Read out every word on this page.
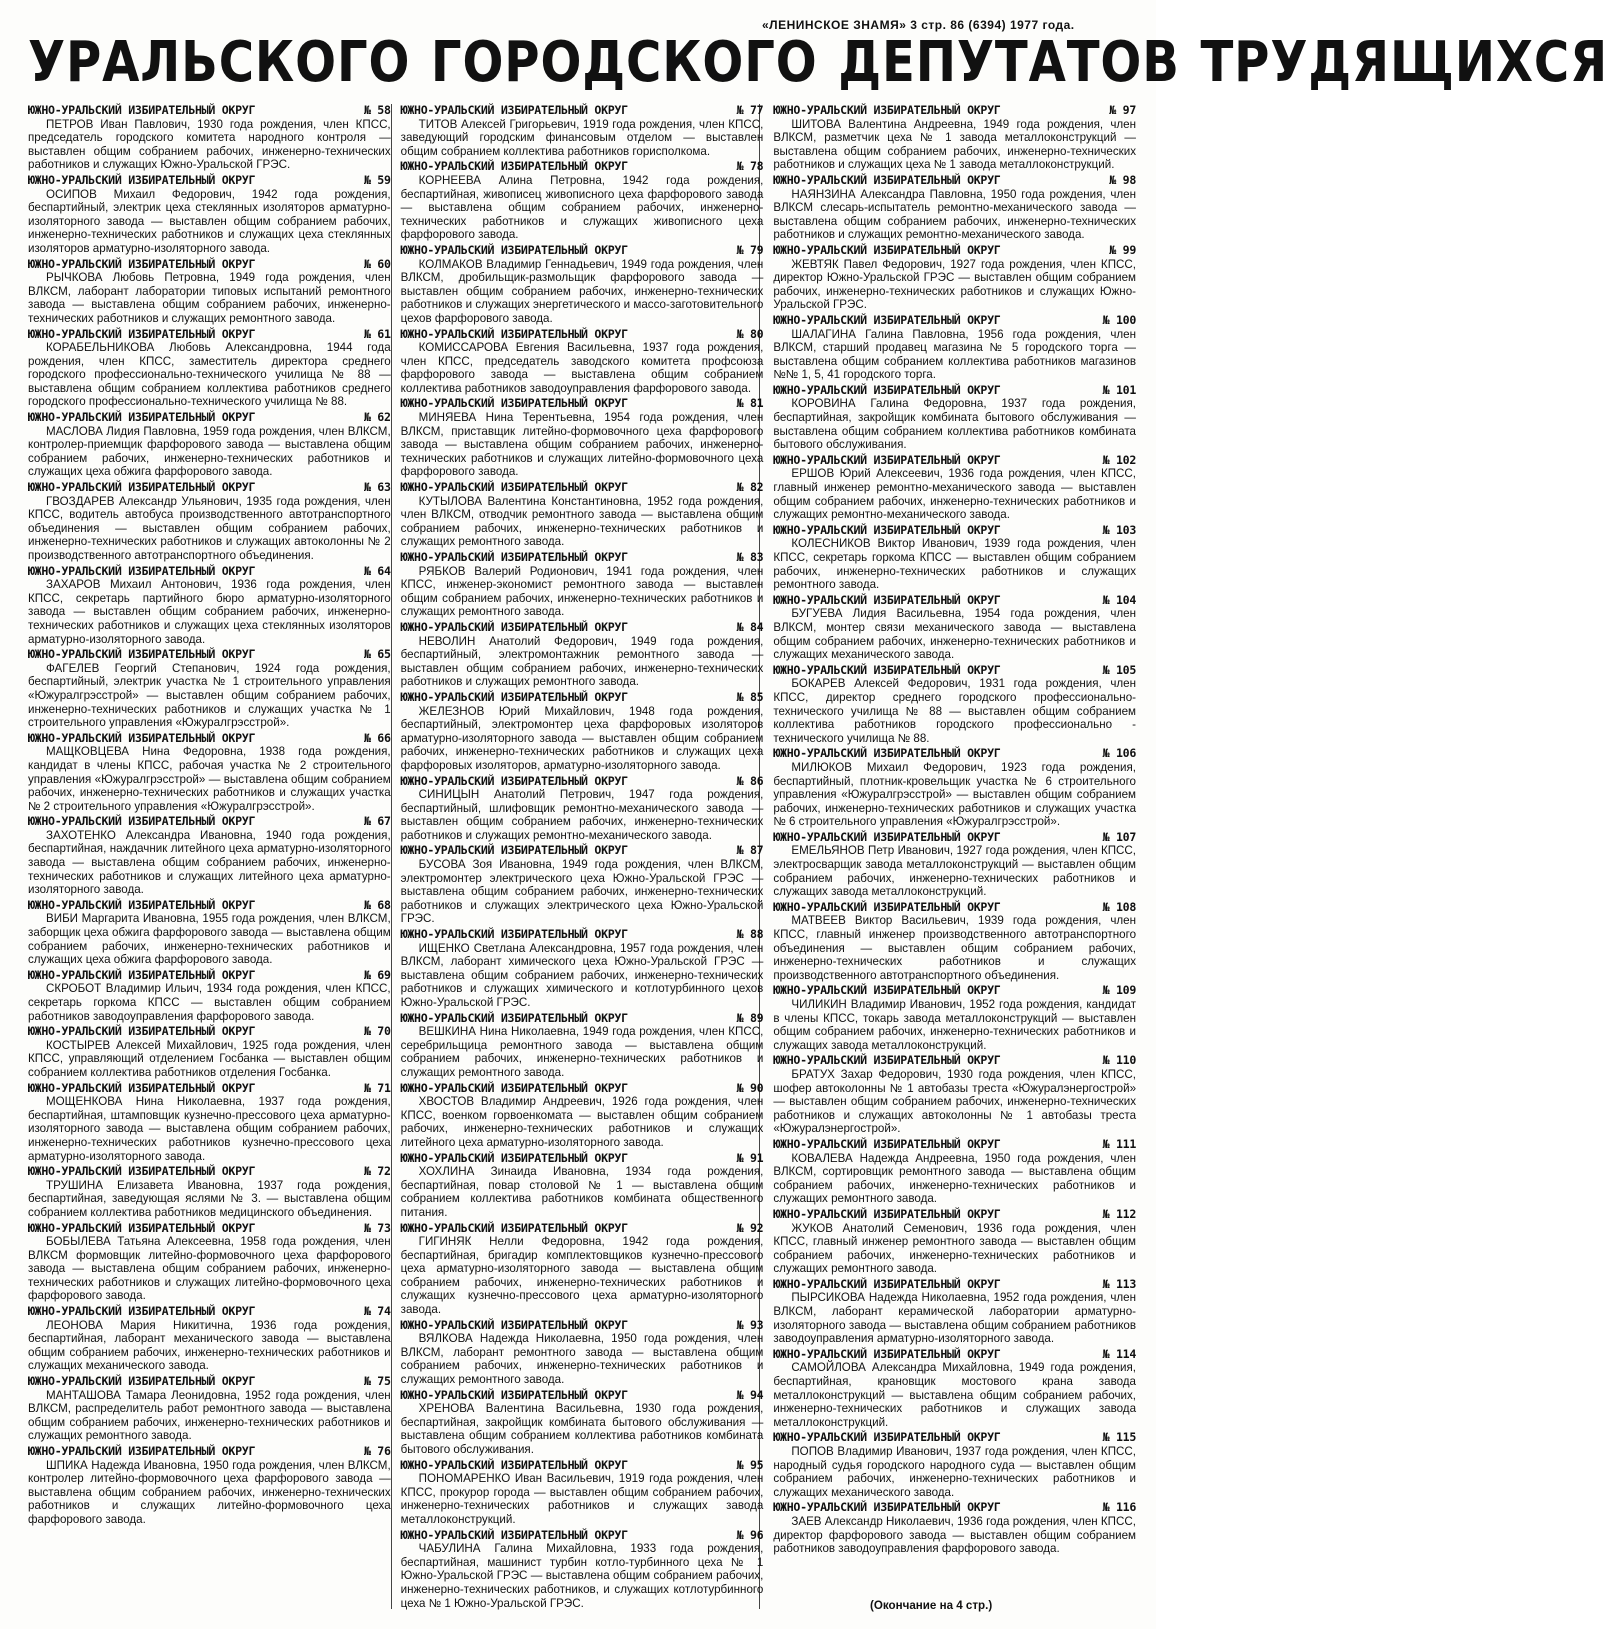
«ЛЕНИНСКОЕ ЗНАМЯ» 3 стр. 86 (6394) 1977 года.
УРАЛЬСКОГО ГОРОДСКОГО ДЕПУТАТОВ ТРУДЯЩИХСЯ
ЮЖНО-УРАЛЬСКИЙ ИЗБИРАТЕЛЬНЫЙ ОКРУГ	№ 58
ПЕТРОВ Иван Павлович, 1930 года рождения, член КПСС, председатель городского комитета народного контроля — выставлен общим собранием рабочих, инженерно-технических работников и служащих Южно-Уральской ГРЭС.
ЮЖНО-УРАЛЬСКИЙ ИЗБИРАТЕЛЬНЫЙ ОКРУГ	№ 59
ОСИПОВ Михаил Федорович, 1942 года рождения, беспартийный, электрик цеха стеклянных изоляторов арматурно-изоляторного завода — выставлен общим собранием рабочих, инженерно-технических работников и служащих цеха стеклянных изоляторов арматурно-изоляторного завода.
ЮЖНО-УРАЛЬСКИЙ ИЗБИРАТЕЛЬНЫЙ ОКРУГ	№ 60
РЫЧКОВА Любовь Петровна, 1949 года рождения, член ВЛКСМ, лаборант лаборатории типовых испытаний ремонтного завода — выставлена общим собранием рабочих, инженерно-технических работников и служащих ремонтного завода.
ЮЖНО-УРАЛЬСКИЙ ИЗБИРАТЕЛЬНЫЙ ОКРУГ	№ 61
КОРАБЕЛЬНИКОВА Любовь Александровна, 1944 года рождения, член КПСС, заместитель директора среднего городского профессионально-технического училища № 88 — выставлена общим собранием коллектива работников среднего городского профессионально-технического училища № 88.
ЮЖНО-УРАЛЬСКИЙ ИЗБИРАТЕЛЬНЫЙ ОКРУГ	№ 62
МАСЛОВА Лидия Павловна, 1959 года рождения, член ВЛКСМ, контролер-приемщик фарфорового завода — выставлена общим собранием рабочих, инженерно-технических работников и служащих цеха обжига фарфорового завода.
ЮЖНО-УРАЛЬСКИЙ ИЗБИРАТЕЛЬНЫЙ ОКРУГ	№ 63
ГВОЗДАРЕВ Александр Ульянович, 1935 года рождения, член КПСС, водитель автобуса производственного автотранспортного объединения — выставлен общим собранием рабочих, инженерно-технических работников и служащих автоколонны № 2 производственного автотранспортного объединения.
ЮЖНО-УРАЛЬСКИЙ ИЗБИРАТЕЛЬНЫЙ ОКРУГ	№ 64
ЗАХАРОВ Михаил Антонович, 1936 года рождения, член КПСС, секретарь партийного бюро арматурно-изоляторного завода — выставлен общим собранием рабочих, инженерно-технических работников и служащих цеха стеклянных изоляторов арматурно-изоляторного завода.
ЮЖНО-УРАЛЬСКИЙ ИЗБИРАТЕЛЬНЫЙ ОКРУГ	№ 65
ФАГЕЛЕВ Георгий Степанович, 1924 года рождения, беспартийный, электрик участка № 1 строительного управления «Южуралгрэсстрой» — выставлен общим собранием рабочих, инженерно-технических работников и служащих участка № 1 строительного управления «Южуралгрэсстрой».
ЮЖНО-УРАЛЬСКИЙ ИЗБИРАТЕЛЬНЫЙ ОКРУГ	№ 66
МАЩКОВЦЕВА Нина Федоровна, 1938 года рождения, кандидат в члены КПСС, рабочая участка № 2 строительного управления «Южуралгрэсстрой» — выставлена общим собранием рабочих, инженерно-технических работников и служащих участка № 2 строительного управления «Южуралгрэсстрой».
ЮЖНО-УРАЛЬСКИЙ ИЗБИРАТЕЛЬНЫЙ ОКРУГ	№ 67
ЗАХОТЕНКО Александра Ивановна, 1940 года рождения, беспартийная, наждачник литейного цеха арматурно-изоляторного завода — выставлена общим собранием рабочих, инженерно-технических работников и служащих литейного цеха арматурно-изоляторного завода.
ЮЖНО-УРАЛЬСКИЙ ИЗБИРАТЕЛЬНЫЙ ОКРУГ	№ 68
ВИБИ Маргарита Ивановна, 1955 года рождения, член ВЛКСМ, заборщик цеха обжига фарфорового завода — выставлена общим собранием рабочих, инженерно-технических работников и служащих цеха обжига фарфорового завода.
ЮЖНО-УРАЛЬСКИЙ ИЗБИРАТЕЛЬНЫЙ ОКРУГ	№ 69
СКРОБОТ Владимир Ильич, 1934 года рождения, член КПСС, секретарь горкома КПСС — выставлен общим собранием работников заводоуправления фарфорового завода.
ЮЖНО-УРАЛЬСКИЙ ИЗБИРАТЕЛЬНЫЙ ОКРУГ	№ 70
КОСТЫРЕВ Алексей Михайлович, 1925 года рождения, член КПСС, управляющий отделением Госбанка — выставлен общим собранием коллектива работников отделения Госбанка.
ЮЖНО-УРАЛЬСКИЙ ИЗБИРАТЕЛЬНЫЙ ОКРУГ	№ 71
МОЩЕНКОВА Нина Николаевна, 1937 года рождения, беспартийная, штамповщик кузнечно-прессового цеха арматурно-изоляторного завода — выставлена общим собранием рабочих, инженерно-технических работников кузнечно-прессового цеха арматурно-изоляторного завода.
ЮЖНО-УРАЛЬСКИЙ ИЗБИРАТЕЛЬНЫЙ ОКРУГ	№ 72
ТРУШИНА Елизавета Ивановна, 1937 года рождения, беспартийная, заведующая яслями № 3. — выставлена общим собранием коллектива работников медицинского объединения.
ЮЖНО-УРАЛЬСКИЙ ИЗБИРАТЕЛЬНЫЙ ОКРУГ	№ 73
БОБЫЛЕВА Татьяна Алексеевна, 1958 года рождения, член ВЛКСМ формовщик литейно-формовочного цеха фарфорового завода — выставлена общим собранием рабочих, инженерно-технических работников и служащих литейно-формовочного цеха фарфорового завода.
ЮЖНО-УРАЛЬСКИЙ ИЗБИРАТЕЛЬНЫЙ ОКРУГ	№ 74
ЛЕОНОВА Мария Никитична, 1936 года рождения, беспартийная, лаборант механического завода — выставлена общим собранием рабочих, инженерно-технических работников и служащих механического завода.
ЮЖНО-УРАЛЬСКИЙ ИЗБИРАТЕЛЬНЫЙ ОКРУГ	№ 75
МАНТАШОВА Тамара Леонидовна, 1952 года рождения, член ВЛКСМ, распределитель работ ремонтного завода — выставлена общим собранием рабочих, инженерно-технических работников и служащих ремонтного завода.
ЮЖНО-УРАЛЬСКИЙ ИЗБИРАТЕЛЬНЫЙ ОКРУГ	№ 76
ШПИКА Надежда Ивановна, 1950 года рождения, член ВЛКСМ, контролер литейно-формовочного цеха фарфорового завода — выставлена общим собранием рабочих, инженерно-технических работников и служащих литейно-формовочного цеха фарфорового завода.
ЮЖНО-УРАЛЬСКИЙ ИЗБИРАТЕЛЬНЫЙ ОКРУГ	№ 77
ТИТОВ Алексей Григорьевич, 1919 года рождения, член КПСС, заведующий городским финансовым отделом — выставлен общим собранием коллектива работников горисполкома.
ЮЖНО-УРАЛЬСКИЙ ИЗБИРАТЕЛЬНЫЙ ОКРУГ	№ 78
КОРНЕЕВА Алина Петровна, 1942 года рождения, беспартийная, живописец живописного цеха фарфорового завода — выставлена общим собранием рабочих, инженерно-технических работников и служащих живописного цеха фарфорового завода.
ЮЖНО-УРАЛЬСКИЙ ИЗБИРАТЕЛЬНЫЙ ОКРУГ	№ 79
КОЛМАКОВ Владимир Геннадьевич, 1949 года рождения, член ВЛКСМ, дробильщик-размольщик фарфорового завода — выставлен общим собранием рабочих, инженерно-технических работников и служащих энергетического и массо-заготовительного цехов фарфорового завода.
ЮЖНО-УРАЛЬСКИЙ ИЗБИРАТЕЛЬНЫЙ ОКРУГ	№ 80
КОМИССАРОВА Евгения Васильевна, 1937 года рождения, член КПСС, председатель заводского комитета профсоюза фарфорового завода — выставлена общим собранием коллектива работников заводоуправления фарфорового завода.
ЮЖНО-УРАЛЬСКИЙ ИЗБИРАТЕЛЬНЫЙ ОКРУГ	№ 81
МИНЯЕВА Нина Терентьевна, 1954 года рождения, член ВЛКСМ, приставщик литейно-формовочного цеха фарфорового завода — выставлена общим собранием рабочих, инженерно-технических работников и служащих литейно-формовочного цеха фарфорового завода.
ЮЖНО-УРАЛЬСКИЙ ИЗБИРАТЕЛЬНЫЙ ОКРУГ	№ 82
КУТЫЛОВА Валентина Константиновна, 1952 года рождения, член ВЛКСМ, отводчик ремонтного завода — выставлена общим собранием рабочих, инженерно-технических работников и служащих ремонтного завода.
ЮЖНО-УРАЛЬСКИЙ ИЗБИРАТЕЛЬНЫЙ ОКРУГ	№ 83
РЯБКОВ Валерий Родионович, 1941 года рождения, член КПСС, инженер-экономист ремонтного завода — выставлен общим собранием рабочих, инженерно-технических работников и служащих ремонтного завода.
ЮЖНО-УРАЛЬСКИЙ ИЗБИРАТЕЛЬНЫЙ ОКРУГ	№ 84
НЕВОЛИН Анатолий Федорович, 1949 года рождения, беспартийный, электромонтажник ремонтного завода — выставлен общим собранием рабочих, инженерно-технических работников и служащих ремонтного завода.
ЮЖНО-УРАЛЬСКИЙ ИЗБИРАТЕЛЬНЫЙ ОКРУГ	№ 85
ЖЕЛЕЗНОВ Юрий Михайлович, 1948 года рождения, беспартийный, электромонтер цеха фарфоровых изоляторов арматурно-изоляторного завода — выставлен общим собранием рабочих, инженерно-технических работников и служащих цеха фарфоровых изоляторов, арматурно-изоляторного завода.
ЮЖНО-УРАЛЬСКИЙ ИЗБИРАТЕЛЬНЫЙ ОКРУГ	№ 86
СИНИЦЫН Анатолий Петрович, 1947 года рождения, беспартийный, шлифовщик ремонтно-механического завода — выставлен общим собранием рабочих, инженерно-технических работников и служащих ремонтно-механического завода.
ЮЖНО-УРАЛЬСКИЙ ИЗБИРАТЕЛЬНЫЙ ОКРУГ	№ 87
БУСОВА Зоя Ивановна, 1949 года рождения, член ВЛКСМ, электромонтер электрического цеха Южно-Уральской ГРЭС — выставлена общим собранием рабочих, инженерно-технических работников и служащих электрического цеха Южно-Уральской ГРЭС.
ЮЖНО-УРАЛЬСКИЙ ИЗБИРАТЕЛЬНЫЙ ОКРУГ	№ 88
ИЩЕНКО Светлана Александровна, 1957 года рождения, член ВЛКСМ, лаборант химического цеха Южно-Уральской ГРЭС — выставлена общим собранием рабочих, инженерно-технических работников и служащих химического и котлотурбинного цехов Южно-Уральской ГРЭС.
ЮЖНО-УРАЛЬСКИЙ ИЗБИРАТЕЛЬНЫЙ ОКРУГ	№ 89
ВЕШКИНА Нина Николаевна, 1949 года рождения, член КПСС, серебрильщица ремонтного завода — выставлена общим собранием рабочих, инженерно-технических работников и служащих ремонтного завода.
ЮЖНО-УРАЛЬСКИЙ ИЗБИРАТЕЛЬНЫЙ ОКРУГ	№ 90
ХВОСТОВ Владимир Андреевич, 1926 года рождения, член КПСС, военком горвоенкомата — выставлен общим собранием рабочих, инженерно-технических работников и служащих литейного цеха арматурно-изоляторного завода.
ЮЖНО-УРАЛЬСКИЙ ИЗБИРАТЕЛЬНЫЙ ОКРУГ	№ 91
ХОХЛИНА Зинаида Ивановна, 1934 года рождения, беспартийная, повар столовой № 1 — выставлена общим собранием коллектива работников комбината общественного питания.
ЮЖНО-УРАЛЬСКИЙ ИЗБИРАТЕЛЬНЫЙ ОКРУГ	№ 92
ГИГИНЯК Нелли Федоровна, 1942 года рождения, беспартийная, бригадир комплектовщиков кузнечно-прессового цеха арматурно-изоляторного завода — выставлена общим собранием рабочих, инженерно-технических работников и служащих кузнечно-прессового цеха арматурно-изоляторного завода.
ЮЖНО-УРАЛЬСКИЙ ИЗБИРАТЕЛЬНЫЙ ОКРУГ	№ 93
ВЯЛКОВА Надежда Николаевна, 1950 года рождения, член ВЛКСМ, лаборант ремонтного завода — выставлена общим собранием рабочих, инженерно-технических работников и служащих ремонтного завода.
ЮЖНО-УРАЛЬСКИЙ ИЗБИРАТЕЛЬНЫЙ ОКРУГ	№ 94
ХРЕНОВА Валентина Васильевна, 1930 года рождения, беспартийная, закройщик комбината бытового обслуживания — выставлена общим собранием коллектива работников комбината бытового обслуживания.
ЮЖНО-УРАЛЬСКИЙ ИЗБИРАТЕЛЬНЫЙ ОКРУГ	№ 95
ПОНОМАРЕНКО Иван Васильевич, 1919 года рождения, член КПСС, прокурор города — выставлен общим собранием рабочих, инженерно-технических работников и служащих завода металлоконструкций.
ЮЖНО-УРАЛЬСКИЙ ИЗБИРАТЕЛЬНЫЙ ОКРУГ	№ 96
ЧАБУЛИНА Галина Михайловна, 1933 года рождения, беспартийная, машинист турбин котло-турбинного цеха № 1 Южно-Уральской ГРЭС — выставлена общим собранием рабочих, инженерно-технических работников, и служащих котлотурбинного цеха № 1 Южно-Уральской ГРЭС.
ЮЖНО-УРАЛЬСКИЙ ИЗБИРАТЕЛЬНЫЙ ОКРУГ	№ 97
ШИТОВА Валентина Андреевна, 1949 года рождения, член ВЛКСМ, разметчик цеха № 1 завода металлоконструкций — выставлена общим собранием рабочих, инженерно-технических работников и служащих цеха № 1 завода металлоконструкций.
ЮЖНО-УРАЛЬСКИЙ ИЗБИРАТЕЛЬНЫЙ ОКРУГ	№ 98
НАЯНЗИНА Александра Павловна, 1950 года рождения, член ВЛКСМ слесарь-испытатель ремонтно-механического завода — выставлена общим собранием рабочих, инженерно-технических работников и служащих ремонтно-механического завода.
ЮЖНО-УРАЛЬСКИЙ ИЗБИРАТЕЛЬНЫЙ ОКРУГ	№ 99
ЖЕВТЯК Павел Федорович, 1927 года рождения, член КПСС, директор Южно-Уральской ГРЭС — выставлен общим собранием рабочих, инженерно-технических работников и служащих Южно-Уральской ГРЭС.
ЮЖНО-УРАЛЬСКИЙ ИЗБИРАТЕЛЬНЫЙ ОКРУГ	№ 100
ШАЛАГИНА Галина Павловна, 1956 года рождения, член ВЛКСМ, старший продавец магазина № 5 городского торга — выставлена общим собранием коллектива работников магазинов №№ 1, 5, 41 городского торга.
ЮЖНО-УРАЛЬСКИЙ ИЗБИРАТЕЛЬНЫЙ ОКРУГ	№ 101
КОРОВИНА Галина Федоровна, 1937 года рождения, беспартийная, закройщик комбината бытового обслуживания — выставлена общим собранием коллектива работников комбината бытового обслуживания.
ЮЖНО-УРАЛЬСКИЙ ИЗБИРАТЕЛЬНЫЙ ОКРУГ	№ 102
ЕРШОВ Юрий Алексеевич, 1936 года рождения, член КПСС, главный инженер ремонтно-механического завода — выставлен общим собранием рабочих, инженерно-технических работников и служащих ремонтно-механического завода.
ЮЖНО-УРАЛЬСКИЙ ИЗБИРАТЕЛЬНЫЙ ОКРУГ	№ 103
КОЛЕСНИКОВ Виктор Иванович, 1939 года рождения, член КПСС, секретарь горкома КПСС — выставлен общим собранием рабочих, инженерно-технических работников и служащих ремонтного завода.
ЮЖНО-УРАЛЬСКИЙ ИЗБИРАТЕЛЬНЫЙ ОКРУГ	№ 104
БУГУЕВА Лидия Васильевна, 1954 года рождения, член ВЛКСМ, монтер связи механического завода — выставлена общим собранием рабочих, инженерно-технических работников и служащих механического завода.
ЮЖНО-УРАЛЬСКИЙ ИЗБИРАТЕЛЬНЫЙ ОКРУГ	№ 105
БОКАРЕВ Алексей Федорович, 1931 года рождения, член КПСС, директор среднего городского профессионально-технического училища № 88 — выставлен общим собранием коллектива работников городского профессионально - технического училища № 88.
ЮЖНО-УРАЛЬСКИЙ ИЗБИРАТЕЛЬНЫЙ ОКРУГ	№ 106
МИЛЮКОВ Михаил Федорович, 1923 года рождения, беспартийный, плотник-кровельщик участка № 6 строительного управления «Южуралгрэсстрой» — выставлен общим собранием рабочих, инженерно-технических работников и служащих участка № 6 строительного управления «Южуралгрэсстрой».
ЮЖНО-УРАЛЬСКИЙ ИЗБИРАТЕЛЬНЫЙ ОКРУГ	№ 107
ЕМЕЛЬЯНОВ Петр Иванович, 1927 года рождения, член КПСС, электросварщик завода металлоконструкций — выставлен общим собранием рабочих, инженерно-технических работников и служащих завода металлоконструкций.
ЮЖНО-УРАЛЬСКИЙ ИЗБИРАТЕЛЬНЫЙ ОКРУГ	№ 108
МАТВЕЕВ Виктор Васильевич, 1939 года рождения, член КПСС, главный инженер производственного автотранспортного объединения — выставлен общим собранием рабочих, инженерно-технических работников и служащих производственного автотранспортного объединения.
ЮЖНО-УРАЛЬСКИЙ ИЗБИРАТЕЛЬНЫЙ ОКРУГ	№ 109
ЧИЛИКИН Владимир Иванович, 1952 года рождения, кандидат в члены КПСС, токарь завода металлоконструкций — выставлен общим собранием рабочих, инженерно-технических работников и служащих завода металлоконструкций.
ЮЖНО-УРАЛЬСКИЙ ИЗБИРАТЕЛЬНЫЙ ОКРУГ	№ 110
БРАТУХ Захар Федорович, 1930 года рождения, член КПСС, шофер автоколонны № 1 автобазы треста «Южуралэнергострой» — выставлен общим собранием рабочих, инженерно-технических работников и служащих автоколонны № 1 автобазы треста «Южуралэнергострой».
ЮЖНО-УРАЛЬСКИЙ ИЗБИРАТЕЛЬНЫЙ ОКРУГ	№ 111
КОВАЛЕВА Надежда Андреевна, 1950 года рождения, член ВЛКСМ, сортировщик ремонтного завода — выставлена общим собранием рабочих, инженерно-технических работников и служащих ремонтного завода.
ЮЖНО-УРАЛЬСКИЙ ИЗБИРАТЕЛЬНЫЙ ОКРУГ	№ 112
ЖУКОВ Анатолий Семенович, 1936 года рождения, член КПСС, главный инженер ремонтного завода — выставлен общим собранием рабочих, инженерно-технических работников и служащих ремонтного завода.
ЮЖНО-УРАЛЬСКИЙ ИЗБИРАТЕЛЬНЫЙ ОКРУГ	№ 113
ПЫРСИКОВА Надежда Николаевна, 1952 года рождения, член ВЛКСМ, лаборант керамической лаборатории арматурно-изоляторного завода — выставлена общим собранием работников заводоуправления арматурно-изоляторного завода.
ЮЖНО-УРАЛЬСКИЙ ИЗБИРАТЕЛЬНЫЙ ОКРУГ	№ 114
САМОЙЛОВА Александра Михайловна, 1949 года рождения, беспартийная, крановщик мостового крана завода металлоконструкций — выставлена общим собранием рабочих, инженерно-технических работников и служащих завода металлоконструкций.
ЮЖНО-УРАЛЬСКИЙ ИЗБИРАТЕЛЬНЫЙ ОКРУГ	№ 115
ПОПОВ Владимир Иванович, 1937 года рождения, член КПСС, народный судья городского народного суда — выставлен общим собранием рабочих, инженерно-технических работников и служащих механического завода.
ЮЖНО-УРАЛЬСКИЙ ИЗБИРАТЕЛЬНЫЙ ОКРУГ	№ 116
ЗАЕВ Александр Николаевич, 1936 года рождения, член КПСС, директор фарфорового завода — выставлен общим собранием работников заводоуправления фарфорового завода.
(Окончание на 4 стр.)
